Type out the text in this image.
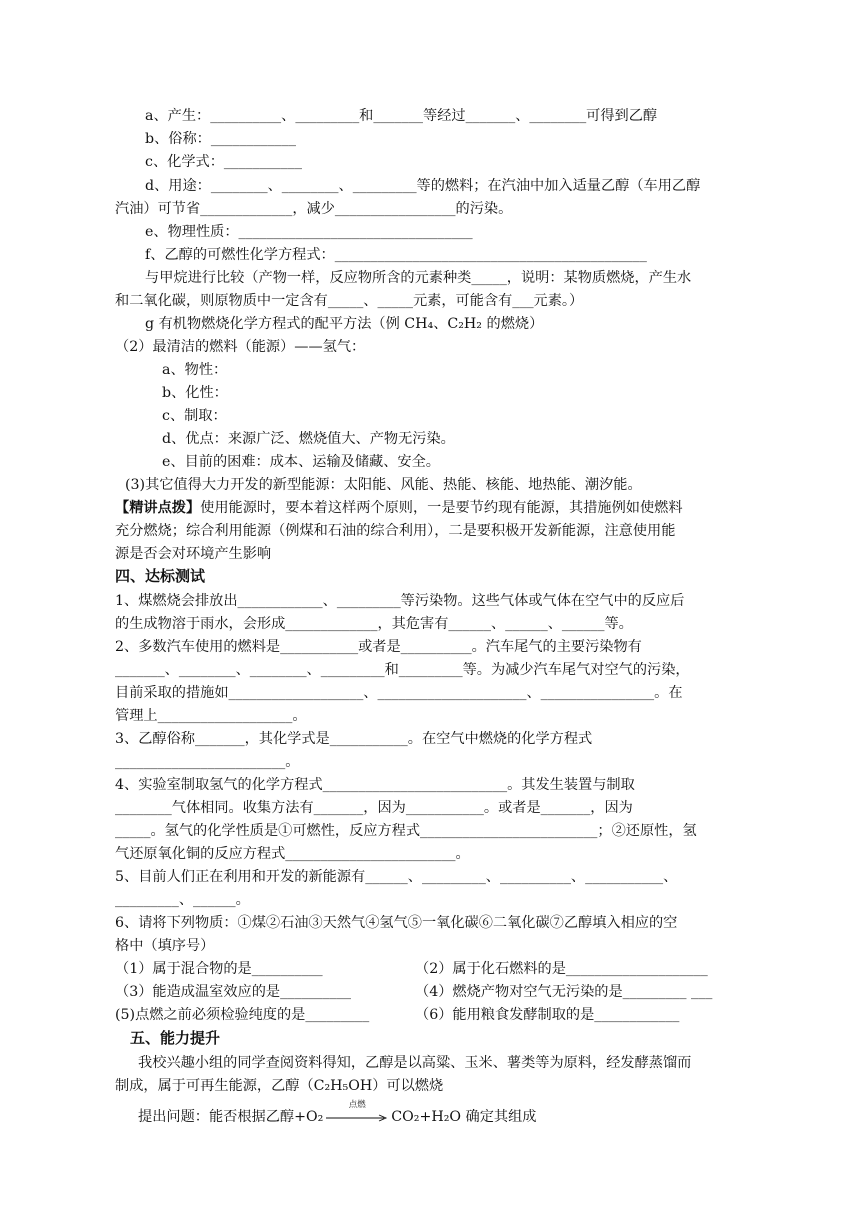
a、产生：__________、_________和_______等经过_______、________可得到乙醇
b、俗称：____________
c、化学式：___________
d、用途：________、________、_________等的燃料；在汽油中加入适量乙醇（车用乙醇
汽油）可节省_____________，减少_________________的污染。
e、物理性质：_________________________________
f、乙醇的可燃性化学方程式：____________________________________________
与甲烷进行比较（产物一样，反应物所含的元素种类_____，说明：某物质燃烧，产生水
和二氧化碳，则原物质中一定含有_____、_____元素，可能含有___元素。）
g 有机物燃烧化学方程式的配平方法（例 CH₄、C₂H₂ 的燃烧）
（2）最清洁的燃料（能源）——氢气：
a、物性：
b、化性：
c、制取：
d、优点：来源广泛、燃烧值大、产物无污染。
e、目前的困难：成本、运输及储藏、安全。
(3)其它值得大力开发的新型能源：太阳能、风能、热能、核能、地热能、潮汐能。
【精讲点拨】使用能源时，要本着这样两个原则，一是要节约现有能源，其措施例如使燃料
充分燃烧；综合利用能源（例煤和石油的综合利用），二是要积极开发新能源，注意使用能
源是否会对环境产生影响
四、达标测试
1、煤燃烧会排放出____________、_________等污染物。这些气体或气体在空气中的反应后
的生成物溶于雨水，会形成_____________，其危害有______、______、______等。
2、多数汽车使用的燃料是___________或者是__________。汽车尾气的主要污染物有
_______、________、________、_________和_________等。为减少汽车尾气对空气的污染，
目前采取的措施如___________________、_____________________、________________。在
管理上___________________。
3、乙醇俗称_______，其化学式是___________。在空气中燃烧的化学方程式
________________________。
4、实验室制取氢气的化学方程式__________________________。其发生装置与制取
________气体相同。收集方法有_______，因为___________。或者是_______，因为
_____。氢气的化学性质是①可燃性，反应方程式_________________________；②还原性，氢
气还原氧化铜的反应方程式________________________。
5、目前人们正在利用和开发的新能源有______、_________、__________、___________、
_________、______。
6、请将下列物质：①煤②石油③天然气④氢气⑤一氧化碳⑥二氧化碳⑦乙醇填入相应的空
格中（填序号）
（1）属于混合物的是__________	（2）属于化石燃料的是____________________
（3）能造成温室效应的是__________	（4）燃烧产物对空气无污染的是_________ ___
(5)点燃之前必须检验纯度的是_________	（6）能用粮食发酵制取的是____________
五、能力提升
我校兴趣小组的同学查阅资料得知，乙醇是以高粱、玉米、薯类等为原料，经发酵蒸馏而
制成，属于可再生能源，乙醇（C₂H₅OH）可以燃烧
提出问题：能否根据乙醇+O₂
点燃
CO₂+H₂O 确定其组成
